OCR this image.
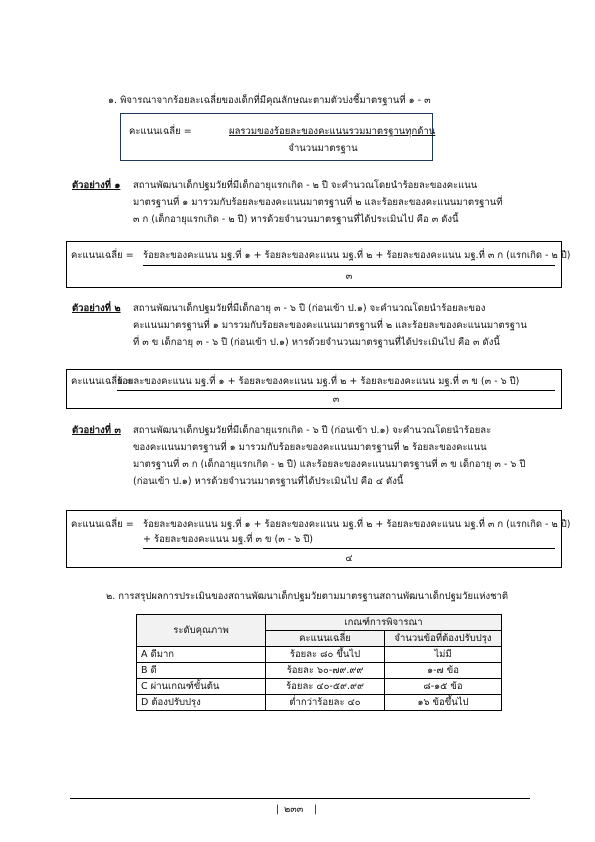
๑. พิจารณาจากร้อยละเฉลี่ยของเด็กที่มีคุณลักษณะตามตัวบ่งชี้มาตรฐานที่ ๑ - ๓
คะแนนเฉลี่ย =	ผลรวมของร้อยละของคะแนนรวมมาตรฐานทุกด้าน
จำนวนมาตรฐาน
ตัวอย่างที่ ๑ สถานพัฒนาเด็กปฐมวัยที่มีเด็กอายุแรกเกิด - ๒ ปี จะคำนวณโดยนำร้อยละของคะแนน
มาตรฐานที่ ๑ มารวมกับร้อยละของคะแนนมาตรฐานที่ ๒ และร้อยละของคะแนนมาตรฐานที่
๓ ก (เด็กอายุแรกเกิด - ๒ ปี) หารด้วยจำนวนมาตรฐานที่ได้ประเมินไป คือ ๓ ดังนี้
คะแนนเฉลี่ย = ร้อยละของคะแนน มฐ.ที่ ๑ + ร้อยละของคะแนน มฐ.ที่ ๒ + ร้อยละของคะแนน มฐ.ที่ ๓ ก (แรกเกิด - ๒ ปี)
๓
ตัวอย่างที่ ๒ สถานพัฒนาเด็กปฐมวัยที่มีเด็กอายุ ๓ - ๖ ปี (ก่อนเข้า ป.๑) จะคำนวณโดยนำร้อยละของ
คะแนนมาตรฐานที่ ๑ มารวมกับร้อยละของคะแนนมาตรฐานที่ ๒ และร้อยละของคะแนนมาตรฐาน
ที่ ๓ ข เด็กอายุ ๓ - ๖ ปี (ก่อนเข้า ป.๑) หารด้วยจำนวนมาตรฐานที่ได้ประเมินไป คือ ๓ ดังนี้
คะแนนเฉลี่ย =
ร้อยละของคะแนน มฐ.ที่ ๑ + ร้อยละของคะแนน มฐ.ที่ ๒ + ร้อยละของคะแนน มฐ.ที่ ๓ ข (๓ - ๖ ปี)
๓
ตัวอย่างที่ ๓ สถานพัฒนาเด็กปฐมวัยที่มีเด็กอายุแรกเกิด - ๖ ปี (ก่อนเข้า ป.๑) จะคำนวณโดยนำร้อยละ
ของคะแนนมาตรฐานที่ ๑ มารวมกับร้อยละของคะแนนมาตรฐานที่ ๒ ร้อยละของคะแนน
มาตรฐานที่ ๓ ก (เด็กอายุแรกเกิด - ๒ ปี) และร้อยละของคะแนนมาตรฐานที่ ๓ ข เด็กอายุ ๓ - ๖ ปี
(ก่อนเข้า ป.๑) หารด้วยจำนวนมาตรฐานที่ได้ประเมินไป คือ ๔ ดังนี้
คะแนนเฉลี่ย = ร้อยละของคะแนน มฐ.ที่ ๑ + ร้อยละของคะแนน มฐ.ที่ ๒ + ร้อยละของคะแนน มฐ.ที่ ๓ ก (แรกเกิด - ๒ ปี)
+ ร้อยละของคะแนน มฐ.ที่ ๓ ข (๓ - ๖ ปี)
๔
๒. การสรุปผลการประเมินของสถานพัฒนาเด็กปฐมวัยตามมาตรฐานสถานพัฒนาเด็กปฐมวัยแห่งชาติ
ระดับคุณภาพ	เกณฑ์การพิจารณา	
	คะแนนเฉลี่ย	จำนวนข้อที่ต้องปรับปรุง
A ดีมาก	ร้อยละ ๘๐ ขึ้นไป	ไม่มี
B ดี	ร้อยละ ๖๐-๗๙.๙๙	๑-๗ ข้อ
C ผ่านเกณฑ์ขั้นต้น	ร้อยละ ๔๐-๕๙.๙๙	๘-๑๕ ข้อ
D ต้องปรับปรุง	ต่ำกว่าร้อยละ ๔๐	๑๖ ข้อขึ้นไป
| ๒๓๓ |
